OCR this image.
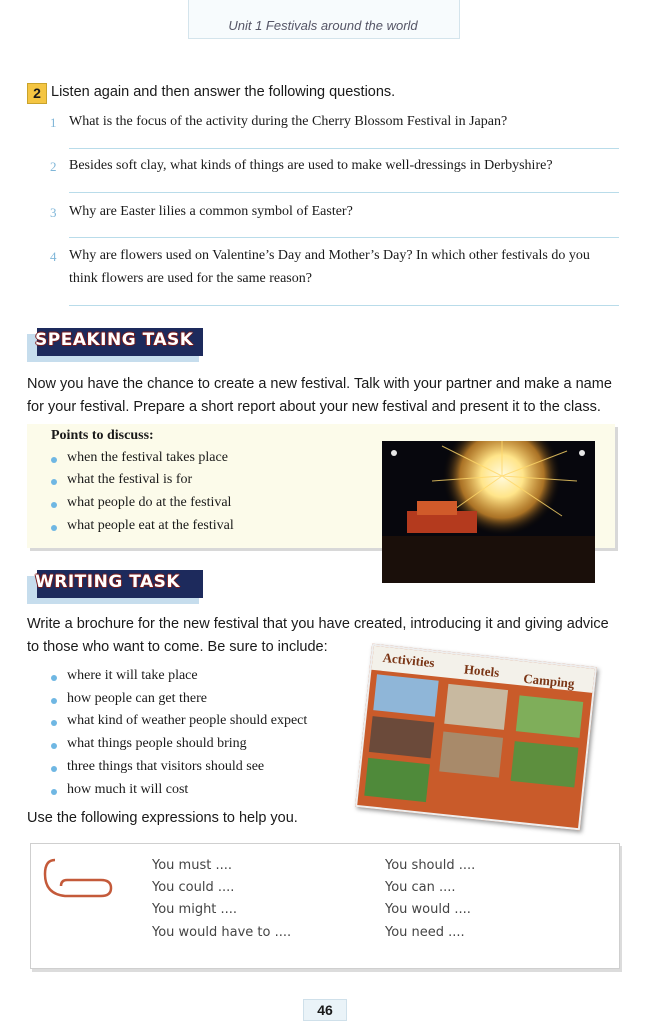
Unit 1 Festivals around the world
2 Listen again and then answer the following questions.
1 What is the focus of the activity during the Cherry Blossom Festival in Japan?
2 Besides soft clay, what kinds of things are used to make well-dressings in Derbyshire?
3 Why are Easter lilies a common symbol of Easter?
4 Why are flowers used on Valentine’s Day and Mother’s Day? In which other festivals do you
think flowers are used for the same reason?
SPEAKING TASK
Now you have the chance to create a new festival. Talk with your partner and make a name
for your festival. Prepare a short report about your new festival and present it to the class.
Points to discuss:
when the festival takes place
what the festival is for
what people do at the festival
what people eat at the festival
WRITING TASK
Write a brochure for the new festival that you have created, introducing it and giving advice
to those who want to come. Be sure to include:
where it will take place
how people can get there
what kind of weather people should expect
what things people should bring
three things that visitors should see
how much it will cost
Activities
Hotels Camping
Use the following expressions to help you.
You must ....
You could ....
You might ....
You would have to ....
You should ....
You can ....
You would ....
You need ....
46
